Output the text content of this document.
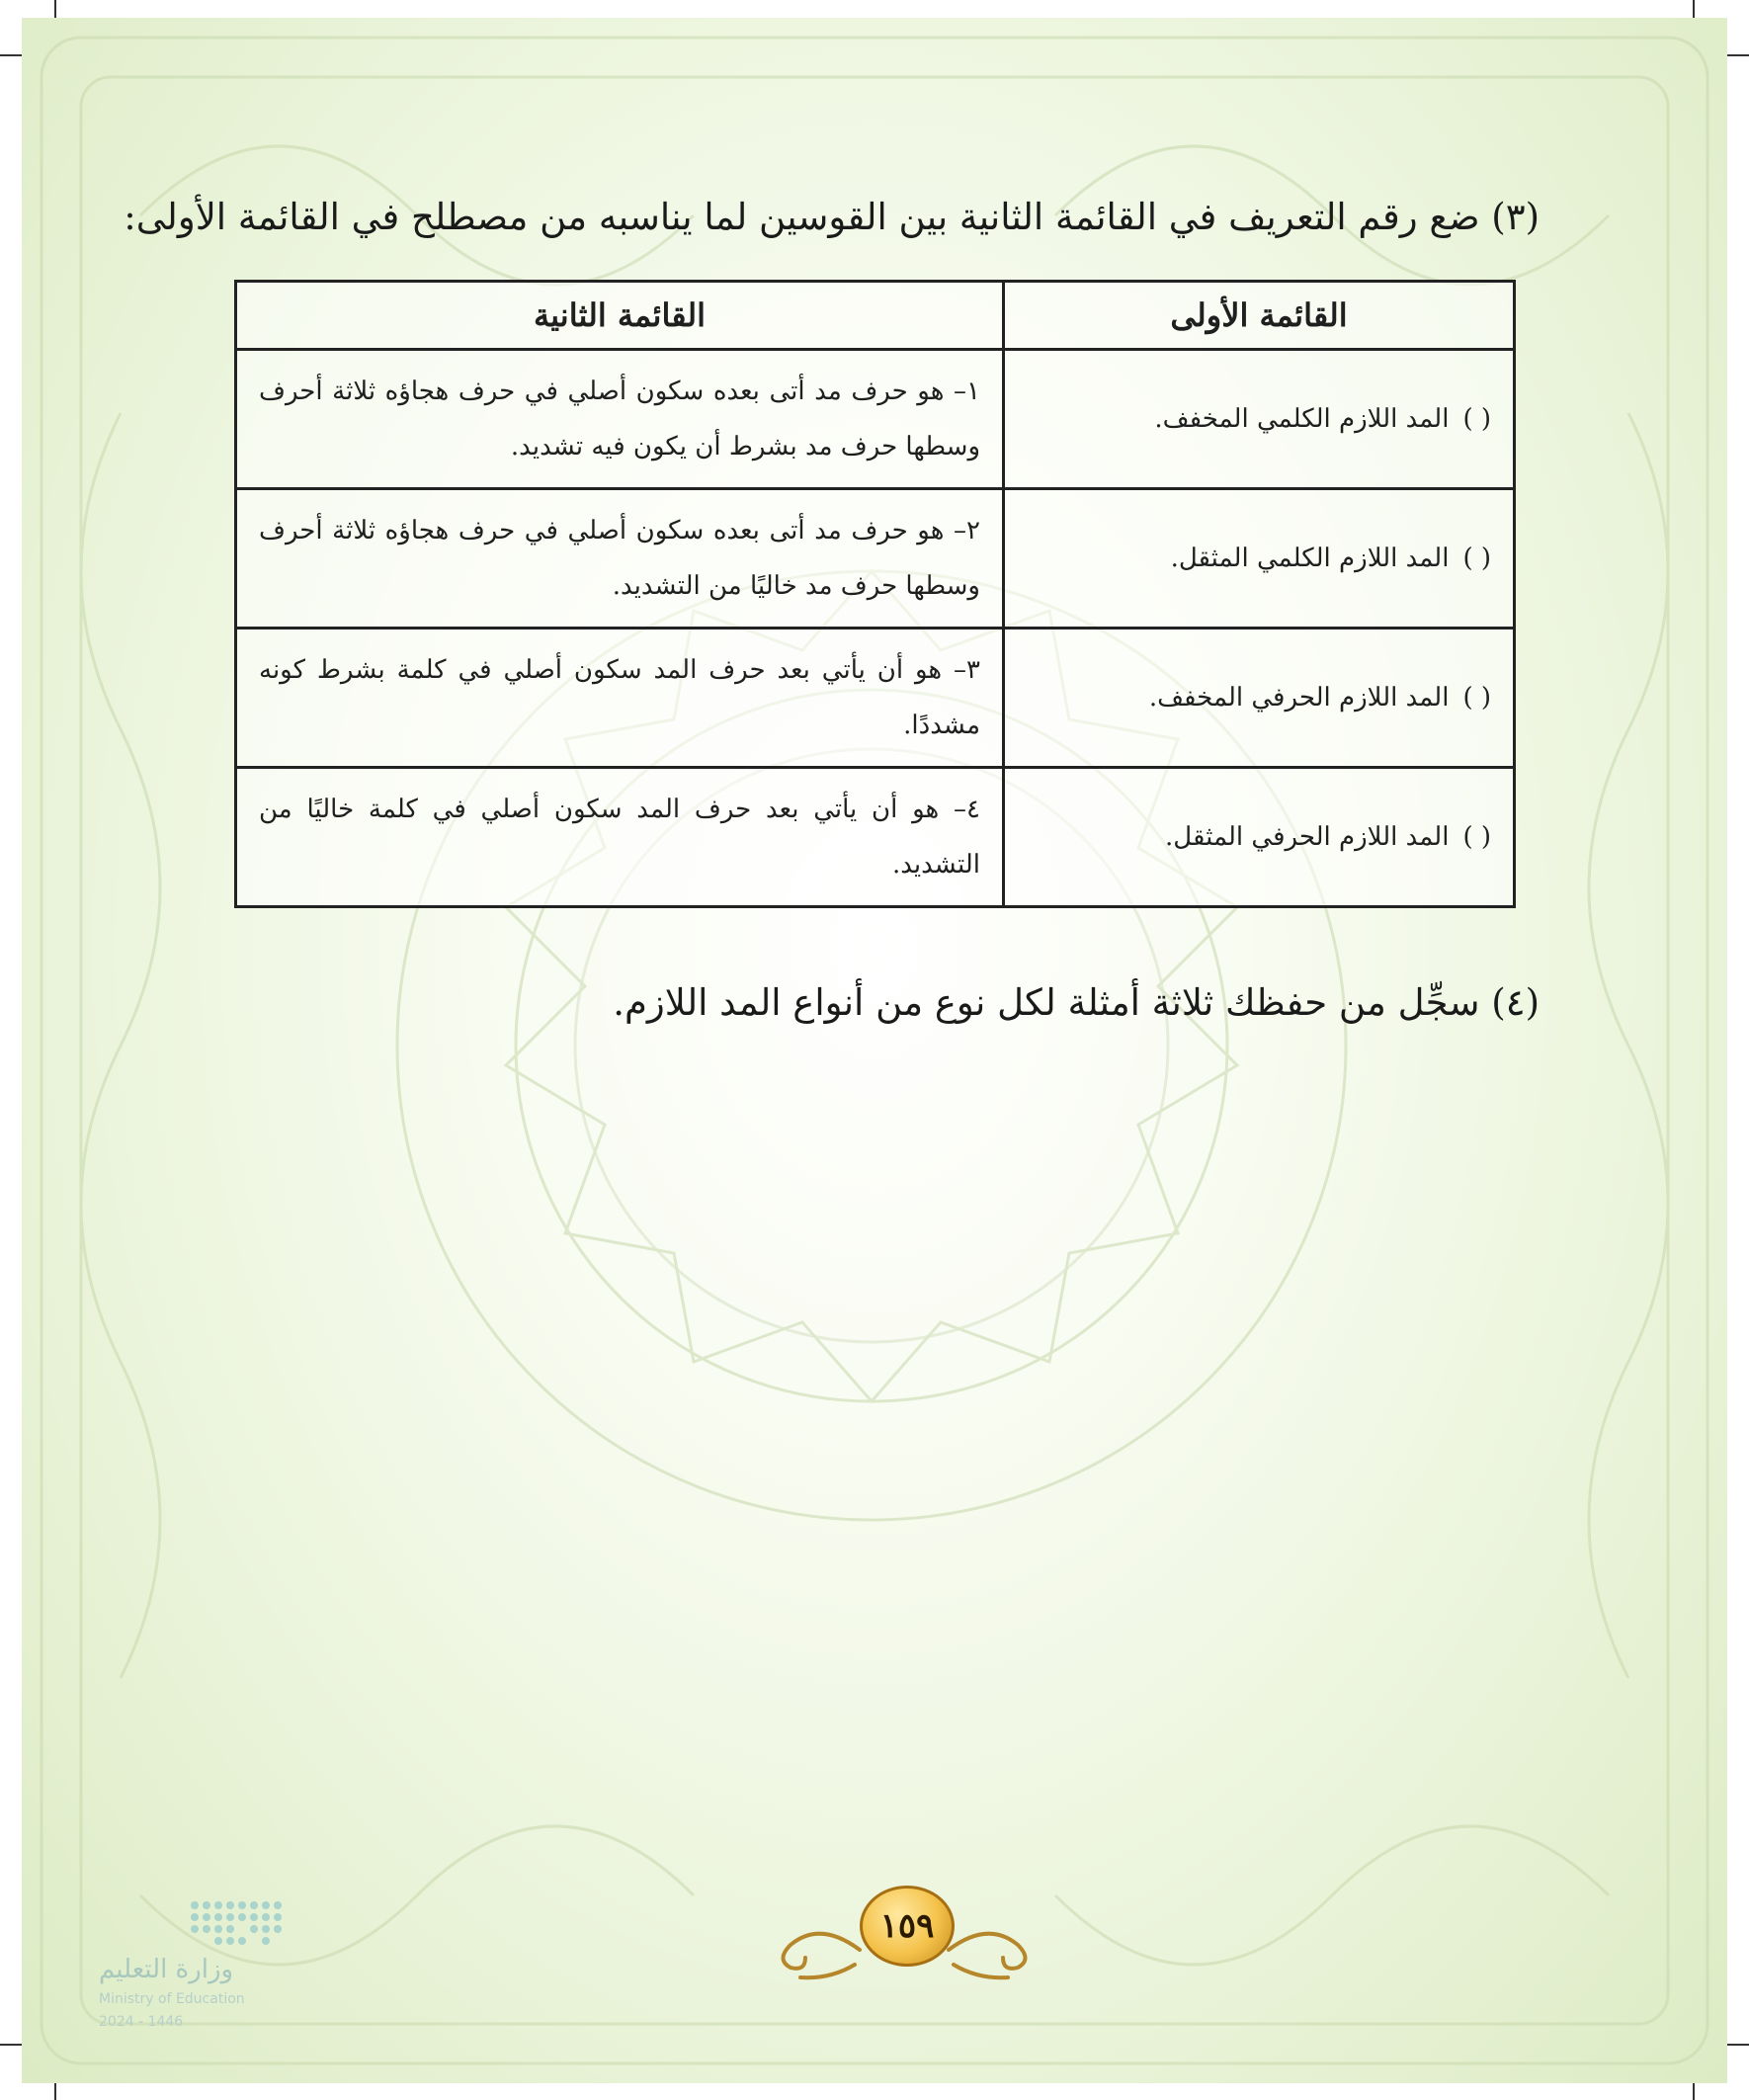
(٣) ضع رقم التعريف في القائمة الثانية بين القوسين لما يناسبه من مصطلح في القائمة الأولى:
القائمة الأولى	القائمة الثانية
( )المد اللازم الكلمي المخفف.	١– هو حرف مد أتى بعده سكون أصلي في حرف هجاؤه ثلاثة أحرف وسطها حرف مد بشرط أن يكون فيه تشديد.
( )المد اللازم الكلمي المثقل.	٢– هو حرف مد أتى بعده سكون أصلي في حرف هجاؤه ثلاثة أحرف وسطها حرف مد خاليًا من التشديد.
( )المد اللازم الحرفي المخفف.	٣– هو أن يأتي بعد حرف المد سكون أصلي في كلمة بشرط كونه مشددًا.
( )المد اللازم الحرفي المثقل.	٤– هو أن يأتي بعد حرف المد سكون أصلي في كلمة خاليًا من التشديد.
(٤) سجِّل من حفظك ثلاثة أمثلة لكل نوع من أنواع المد اللازم.
١٥٩
وزارة التعليم
Ministry of Education
2024 - 1446
